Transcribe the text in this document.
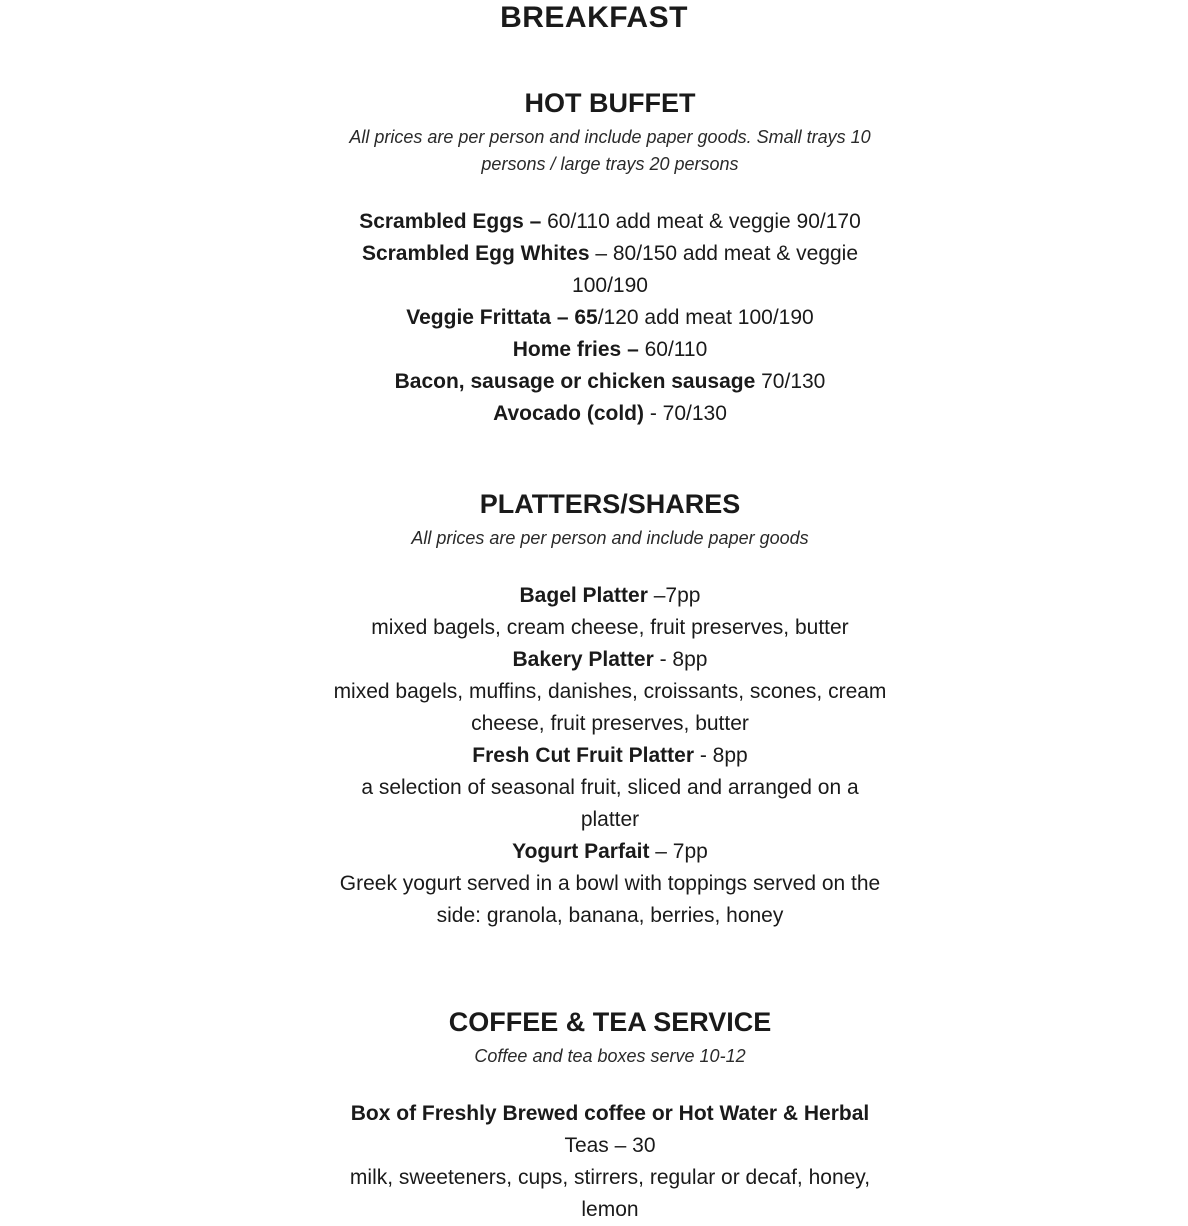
BREAKFAST
HOT BUFFET

All prices are per person and include paper goods. Small trays 10 persons / large trays 20 persons

Scrambled Eggs – 60/110 add meat & veggie 90/170
Scrambled Egg Whites – 80/150 add meat & veggie 100/190
Veggie Frittata – 65/120 add meat 100/190
Home fries – 60/110
Bacon, sausage or chicken sausage 70/130
Avocado (cold) - 70/130
PLATTERS/SHARES

All prices are per person and include paper goods

Bagel Platter –7pp
mixed bagels, cream cheese, fruit preserves, butter
Bakery Platter - 8pp
mixed bagels, muffins, danishes, croissants, scones, cream cheese, fruit preserves, butter
Fresh Cut Fruit Platter - 8pp
a selection of seasonal fruit, sliced and arranged on a platter
Yogurt Parfait – 7pp
Greek yogurt served in a bowl with toppings served on the side: granola, banana, berries, honey
COFFEE & TEA SERVICE

Coffee and tea boxes serve 10-12

Box of Freshly Brewed coffee or Hot Water & Herbal
Teas – 30
milk, sweeteners, cups, stirrers, regular or decaf, honey, lemon
